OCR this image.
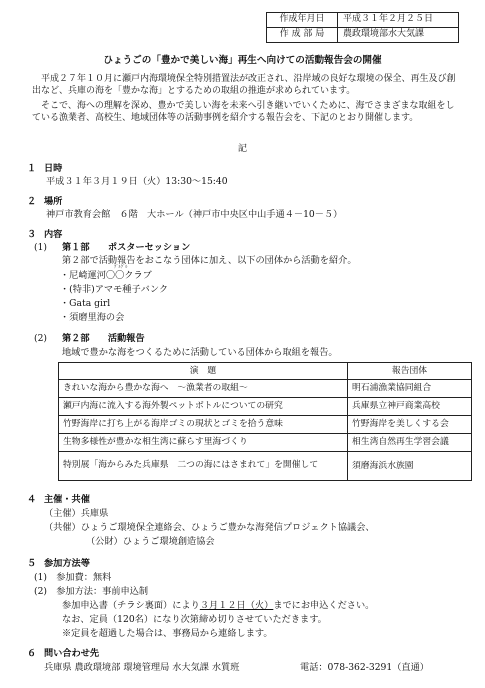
作成年月日	平成３１年２月２５日
作 成 部 局	農政環境部水大気課
ひょうごの「豊かで美しい海」再生へ向けての活動報告会の開催
平成２７年１０月に瀬戸内海環境保全特別措置法が改正され、沿岸域の良好な環境の保全、再生及び創出など、兵庫の海を「豊かな海」とするための取組の推進が求められています。
そこで、海への理解を深め、豊かで美しい海を未来へ引き継いでいくために、海でさまざまな取組をしている漁業者、高校生、地域団体等の活動事例を紹介する報告会を、下記のとおり開催します。
記
１ 日時
平成３１年３月１９日（火）13:30～15:40
２ 場所
神戸市教育会館　６階　大ホール（神戸市中央区中山手通４－10－５）
３ 内容
(1) 第１部　　ポスターセッション
第２部で活動報告をおこなう団体に加え、以下の団体から活動を紹介。
ｸﾞﾙｸﾞﾙ
・尼崎運河〇〇クラブ
・(特非)アマモ種子バンク
・Gata girl
・須磨里海の会
(2) 第２部　　活動報告
地域で豊かな海をつくるために活動している団体から取組を報告。
演　題	報告団体
きれいな海から豊かな海へ　～漁業者の取組～	明石浦漁業協同組合
瀬戸内海に流入する海外製ペットボトルについての研究	兵庫県立神戸商業高校
竹野海岸に打ち上がる海岸ゴミの現状とゴミを拾う意味	竹野海岸を美しくする会
生物多様性が豊かな相生湾に蘇らす里海づくり	相生湾自然再生学習会議
特別展「海からみた兵庫県　二つの海にはさまれて」を開催して	須磨海浜水族園
４ 主催・共催
（主催）兵庫県
（共催）ひょうご環境保全連絡会、ひょうご豊かな海発信プロジェクト協議会、
（公財）ひょうご環境創造協会
５ 参加方法等
(1)　参加費：無料
(2)　参加方法：事前申込制
参加申込書（チラシ裏面）により３月１２日（火）までにお申込ください。
なお、定員（120名）になり次第締め切りさせていただきます。
※定員を超過した場合は、事務局から連絡します。
６ 問い合わせ先
兵庫県 農政環境部 環境管理局 水大気課 水質班	電話：078-362-3291（直通）
